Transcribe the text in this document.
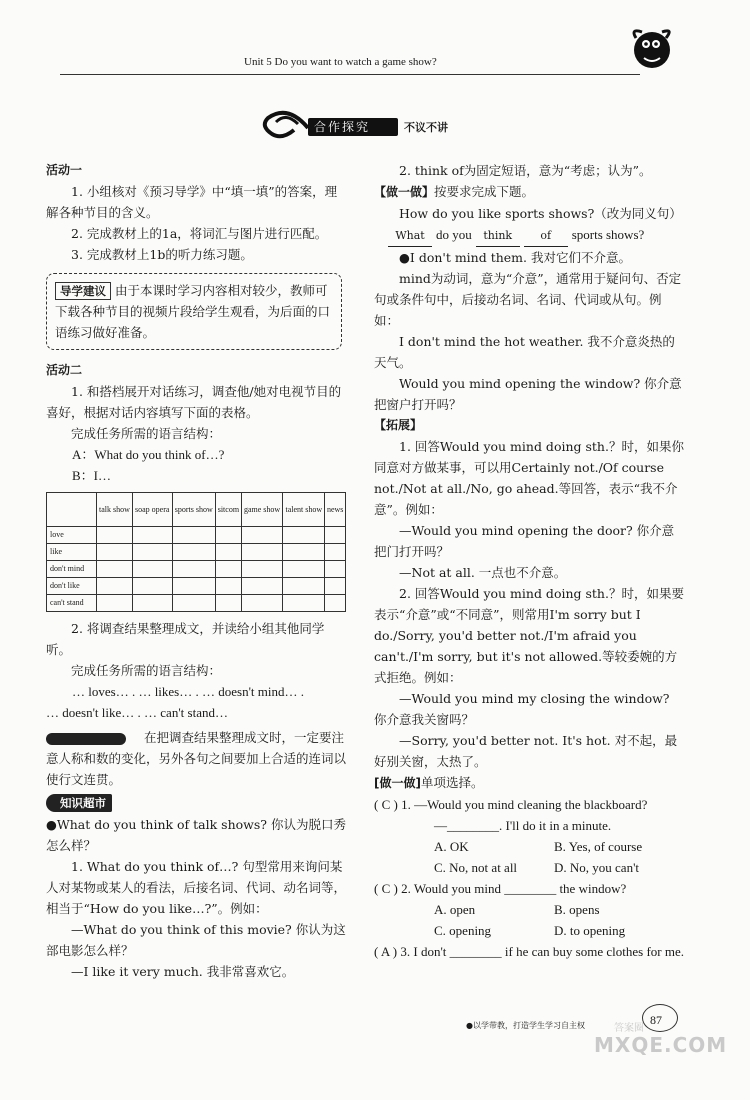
Unit 5 Do you want to watch a game show?
合作探究	不议不讲
活动一
1. 小组核对《预习导学》中“填一填”的答案，理解各种节目的含义。
2. 完成教材上的1a，将词汇与图片进行匹配。
3. 完成教材上1b的听力练习题。
导学建议 由于本课时学习内容相对较少，教师可下载各种节目的视频片段给学生观看，为后面的口语练习做好准备。
活动二
1. 和搭档展开对话练习，调查他/她对电视节目的喜好，根据对话内容填写下面的表格。
完成任务所需的语言结构：
A：What do you think of…?
B：I…
	talk show	soap opera	sports show	sitcom	game show	talent show	news
love							
like							
don't mind							
don't like							
can't stand							
2. 将调查结果整理成文，并读给小组其他同学听。
完成任务所需的语言结构：
… loves… . … likes… . … doesn't mind… .
… doesn't like… . … can't stand…
在把调查结果整理成文时，一定要注意人称和数的变化，另外各句之间要加上合适的连词以使行文连贯。
知识超市
●What do you think of talk shows? 你认为脱口秀怎么样？
1. What do you think of…? 句型常用来询问某人对某物或某人的看法，后接名词、代词、动名词等，相当于“How do you like…?”。例如：
—What do you think of this movie? 你认为这部电影怎么样？
—I like it very much. 我非常喜欢它。
2. think of为固定短语，意为“考虑；认为”。
【做一做】按要求完成下题。
How do you like sports shows?（改为同义句）
What do you think	of sports shows?
●I don't mind them. 我对它们不介意。
mind为动词，意为“介意”，通常用于疑问句、否定句或条件句中，后接动名词、名词、代词或从句。例如：
I don't mind the hot weather. 我不介意炎热的天气。
Would you mind opening the window? 你介意把窗户打开吗？
【拓展】
1. 回答Would you mind doing sth.？时，如果你同意对方做某事，可以用Certainly not./Of course not./Not at all./No, go ahead.等回答，表示“我不介意”。例如：
—Would you mind opening the door? 你介意把门打开吗？
—Not at all. 一点也不介意。
2. 回答Would you mind doing sth.？时，如果要表示“介意”或“不同意”，则常用I'm sorry but I do./Sorry, you'd better not./I'm afraid you can't./I'm sorry, but it's not allowed.等较委婉的方式拒绝。例如：
—Would you mind my closing the window? 你介意我关窗吗？
—Sorry, you'd better not. It's hot. 对不起，最好别关窗，太热了。
[做一做]单项选择。
( C ) 1. —Would you mind cleaning the blackboard?
—________. I'll do it in a minute.
A. OK	B. Yes, of course
C. No, not at all	D. No, you can't
( C ) 2. Would you mind ________ the window?
A. open	B. opens
C. opening	D. to opening
( A ) 3. I don't ________ if he can buy some clothes for me.
●以学带教，打造学生学习自主权	87
答案圈
MXQE.COM
